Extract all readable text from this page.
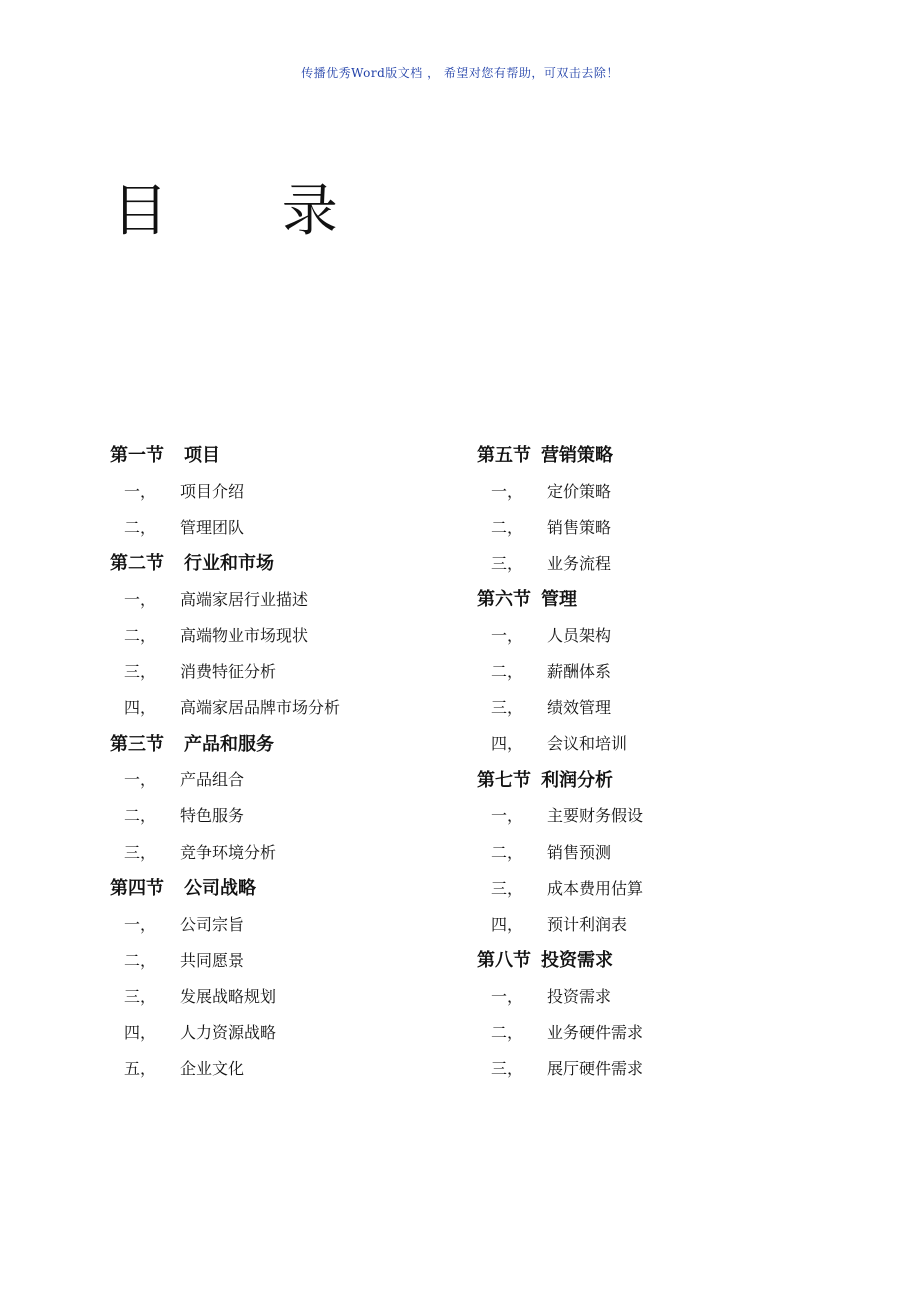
传播优秀Word版文档 ， 希望对您有帮助，可双击去除！
目 录
第一节 项目
一，	项目介绍
二，	管理团队
第二节 行业和市场
一，	高端家居行业描述
二，	高端物业市场现状
三，	消费特征分析
四，	高端家居品牌市场分析
第三节 产品和服务
一，	产品组合
二，	特色服务
三，	竞争环境分析
第四节 公司战略
一，	公司宗旨
二，	共同愿景
三，	发展战略规划
四，	人力资源战略
五，	企业文化
第五节 营销策略
一，	定价策略
二，	销售策略
三，	业务流程
第六节 管理
一，	人员架构
二，	薪酬体系
三，	绩效管理
四，	会议和培训
第七节 利润分析
一，	主要财务假设
二，	销售预测
三，	成本费用估算
四，	预计利润表
第八节 投资需求
一，	投资需求
二，	业务硬件需求
三，	展厅硬件需求
